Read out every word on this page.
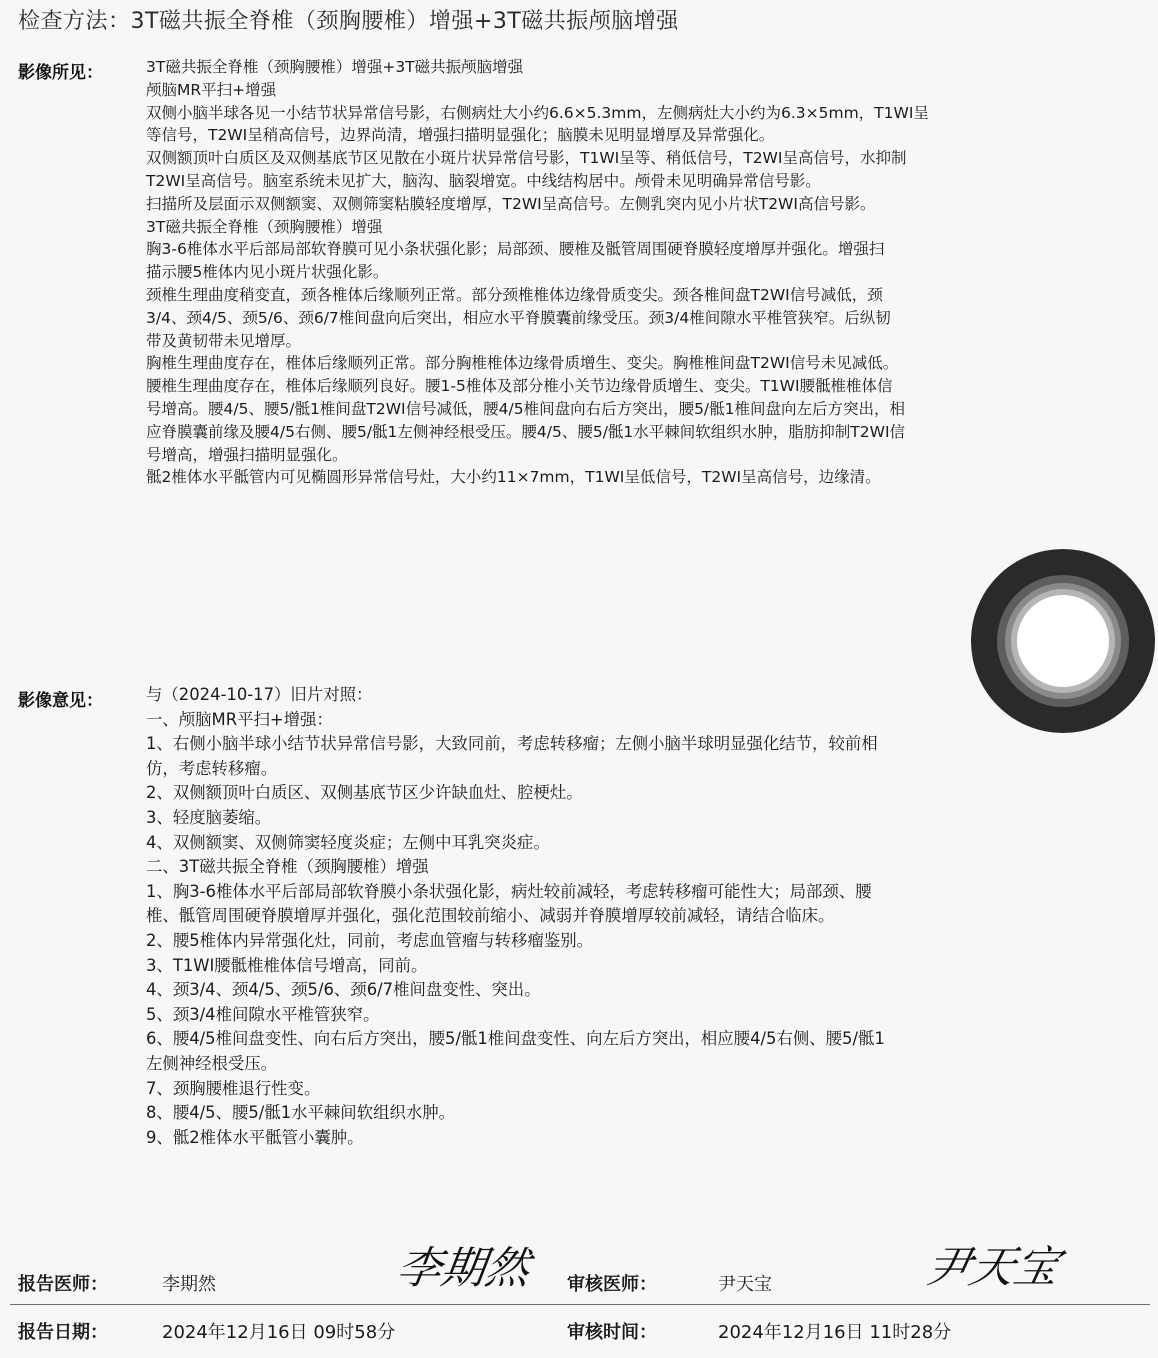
检查方法：3T磁共振全脊椎（颈胸腰椎）增强+3T磁共振颅脑增强
影像所见：	3T磁共振全脊椎（颈胸腰椎）增强+3T磁共振颅脑增强
颅脑MR平扫+增强
双侧小脑半球各见一小结节状异常信号影，右侧病灶大小约6.6×5.3mm，左侧病灶大小约为6.3×5mm，T1WI呈
等信号，T2WI呈稍高信号，边界尚清，增强扫描明显强化；脑膜未见明显增厚及异常强化。
双侧额顶叶白质区及双侧基底节区见散在小斑片状异常信号影，T1WI呈等、稍低信号，T2WI呈高信号，水抑制
T2WI呈高信号。脑室系统未见扩大，脑沟、脑裂增宽。中线结构居中。颅骨未见明确异常信号影。
扫描所及层面示双侧额窦、双侧筛窦粘膜轻度增厚，T2WI呈高信号。左侧乳突内见小片状T2WI高信号影。
3T磁共振全脊椎（颈胸腰椎）增强
胸3-6椎体水平后部局部软脊膜可见小条状强化影；局部颈、腰椎及骶管周围硬脊膜轻度增厚并强化。增强扫
描示腰5椎体内见小斑片状强化影。
颈椎生理曲度稍变直，颈各椎体后缘顺列正常。部分颈椎椎体边缘骨质变尖。颈各椎间盘T2WI信号减低，颈
3/4、颈4/5、颈5/6、颈6/7椎间盘向后突出，相应水平脊膜囊前缘受压。颈3/4椎间隙水平椎管狭窄。后纵韧
带及黄韧带未见增厚。
胸椎生理曲度存在，椎体后缘顺列正常。部分胸椎椎体边缘骨质增生、变尖。胸椎椎间盘T2WI信号未见减低。
腰椎生理曲度存在，椎体后缘顺列良好。腰1-5椎体及部分椎小关节边缘骨质增生、变尖。T1WI腰骶椎椎体信
号增高。腰4/5、腰5/骶1椎间盘T2WI信号减低，腰4/5椎间盘向右后方突出，腰5/骶1椎间盘向左后方突出，相
应脊膜囊前缘及腰4/5右侧、腰5/骶1左侧神经根受压。腰4/5、腰5/骶1水平棘间软组织水肿，脂肪抑制T2WI信
号增高，增强扫描明显强化。
骶2椎体水平骶管内可见椭圆形异常信号灶，大小约11×7mm，T1WI呈低信号，T2WI呈高信号，边缘清。
影像意见：	与（2024-10-17）旧片对照：
一、颅脑MR平扫+增强：
1、右侧小脑半球小结节状异常信号影，大致同前，考虑转移瘤；左侧小脑半球明显强化结节，较前相
仿，考虑转移瘤。
2、双侧额顶叶白质区、双侧基底节区少许缺血灶、腔梗灶。
3、轻度脑萎缩。
4、双侧额窦、双侧筛窦轻度炎症；左侧中耳乳突炎症。
二、3T磁共振全脊椎（颈胸腰椎）增强
1、胸3-6椎体水平后部局部软脊膜小条状强化影，病灶较前减轻，考虑转移瘤可能性大；局部颈、腰
椎、骶管周围硬脊膜增厚并强化，强化范围较前缩小、减弱并脊膜增厚较前减轻，请结合临床。
2、腰5椎体内异常强化灶，同前，考虑血管瘤与转移瘤鉴别。
3、T1WI腰骶椎椎体信号增高，同前。
4、颈3/4、颈4/5、颈5/6、颈6/7椎间盘变性、突出。
5、颈3/4椎间隙水平椎管狭窄。
6、腰4/5椎间盘变性、向右后方突出，腰5/骶1椎间盘变性、向左后方突出，相应腰4/5右侧、腰5/骶1
左侧神经根受压。
7、颈胸腰椎退行性变。
8、腰4/5、腰5/骶1水平棘间软组织水肿。
9、骶2椎体水平骶管小囊肿。
李期然	尹天宝
报告医师：	李期然	审核医师：	尹天宝
报告日期：	2024年12月16日 09时58分	审核时间：	2024年12月16日 11时28分
